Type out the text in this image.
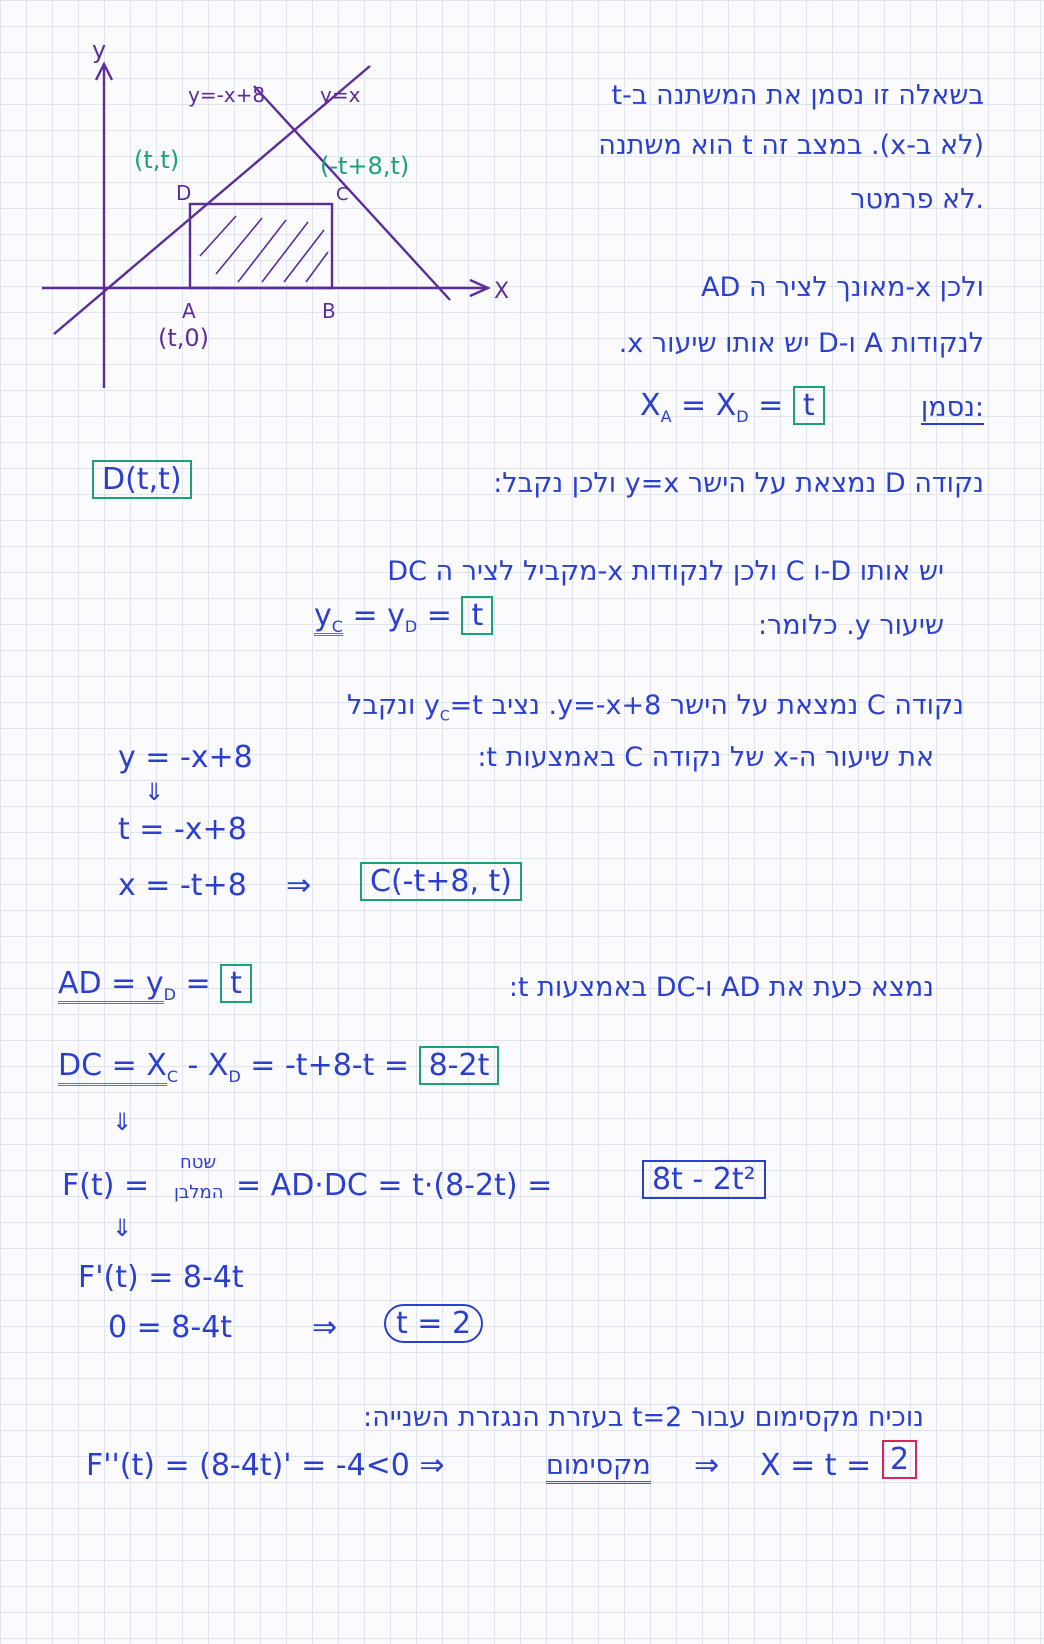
y
X
y=-x+8	y=x
(t,t)
D
(-t+8,t)
C
A
(t,0)
B
בשאלה זו נסמן את המשתנה ב-t
(לא ב-x). במצב זה t הוא משתנה
.לא פרמטר
AD מאונך לציר ה-x ולכן
לנקודות A ו-D יש אותו שיעור x.
:נסמן
$X_A = X_D = t$
נקודה D נמצאת על הישר y=x ולכן נקבל:
D(t,t)
DC מקביל לציר ה-x ולכן לנקודות C ו-D יש אותו
שיעור y. כלומר:
$y_C = y_D = t$
נקודה C נמצאת על הישר y=-x+8. נציב $y_C=t$ ונקבל
את שיעור ה-x של נקודה C באמצעות t:
y = -x+8
⇓
t = -x+8
x = -t+8 ⇒	C(-t+8, t)
נמצא כעת את AD ו-DC באמצעות t:
AD = $y_D = t$
DC = $X_C - X_D = -t+8-t = 8-2t$
⇓
F(t) =
שטח
המלבן = AD·DC = t·(8-2t) =	8t - 2t²
⇓
F'(t) = 8-4t
0 = 8-4t	⇒	t = 2
נוכיח מקסימום עבור t=2 בעזרת הנגזרת השנייה:
F''(t) = (8-4t)' = -4<0 ⇒	מקסימום ⇒ X = t = 2
